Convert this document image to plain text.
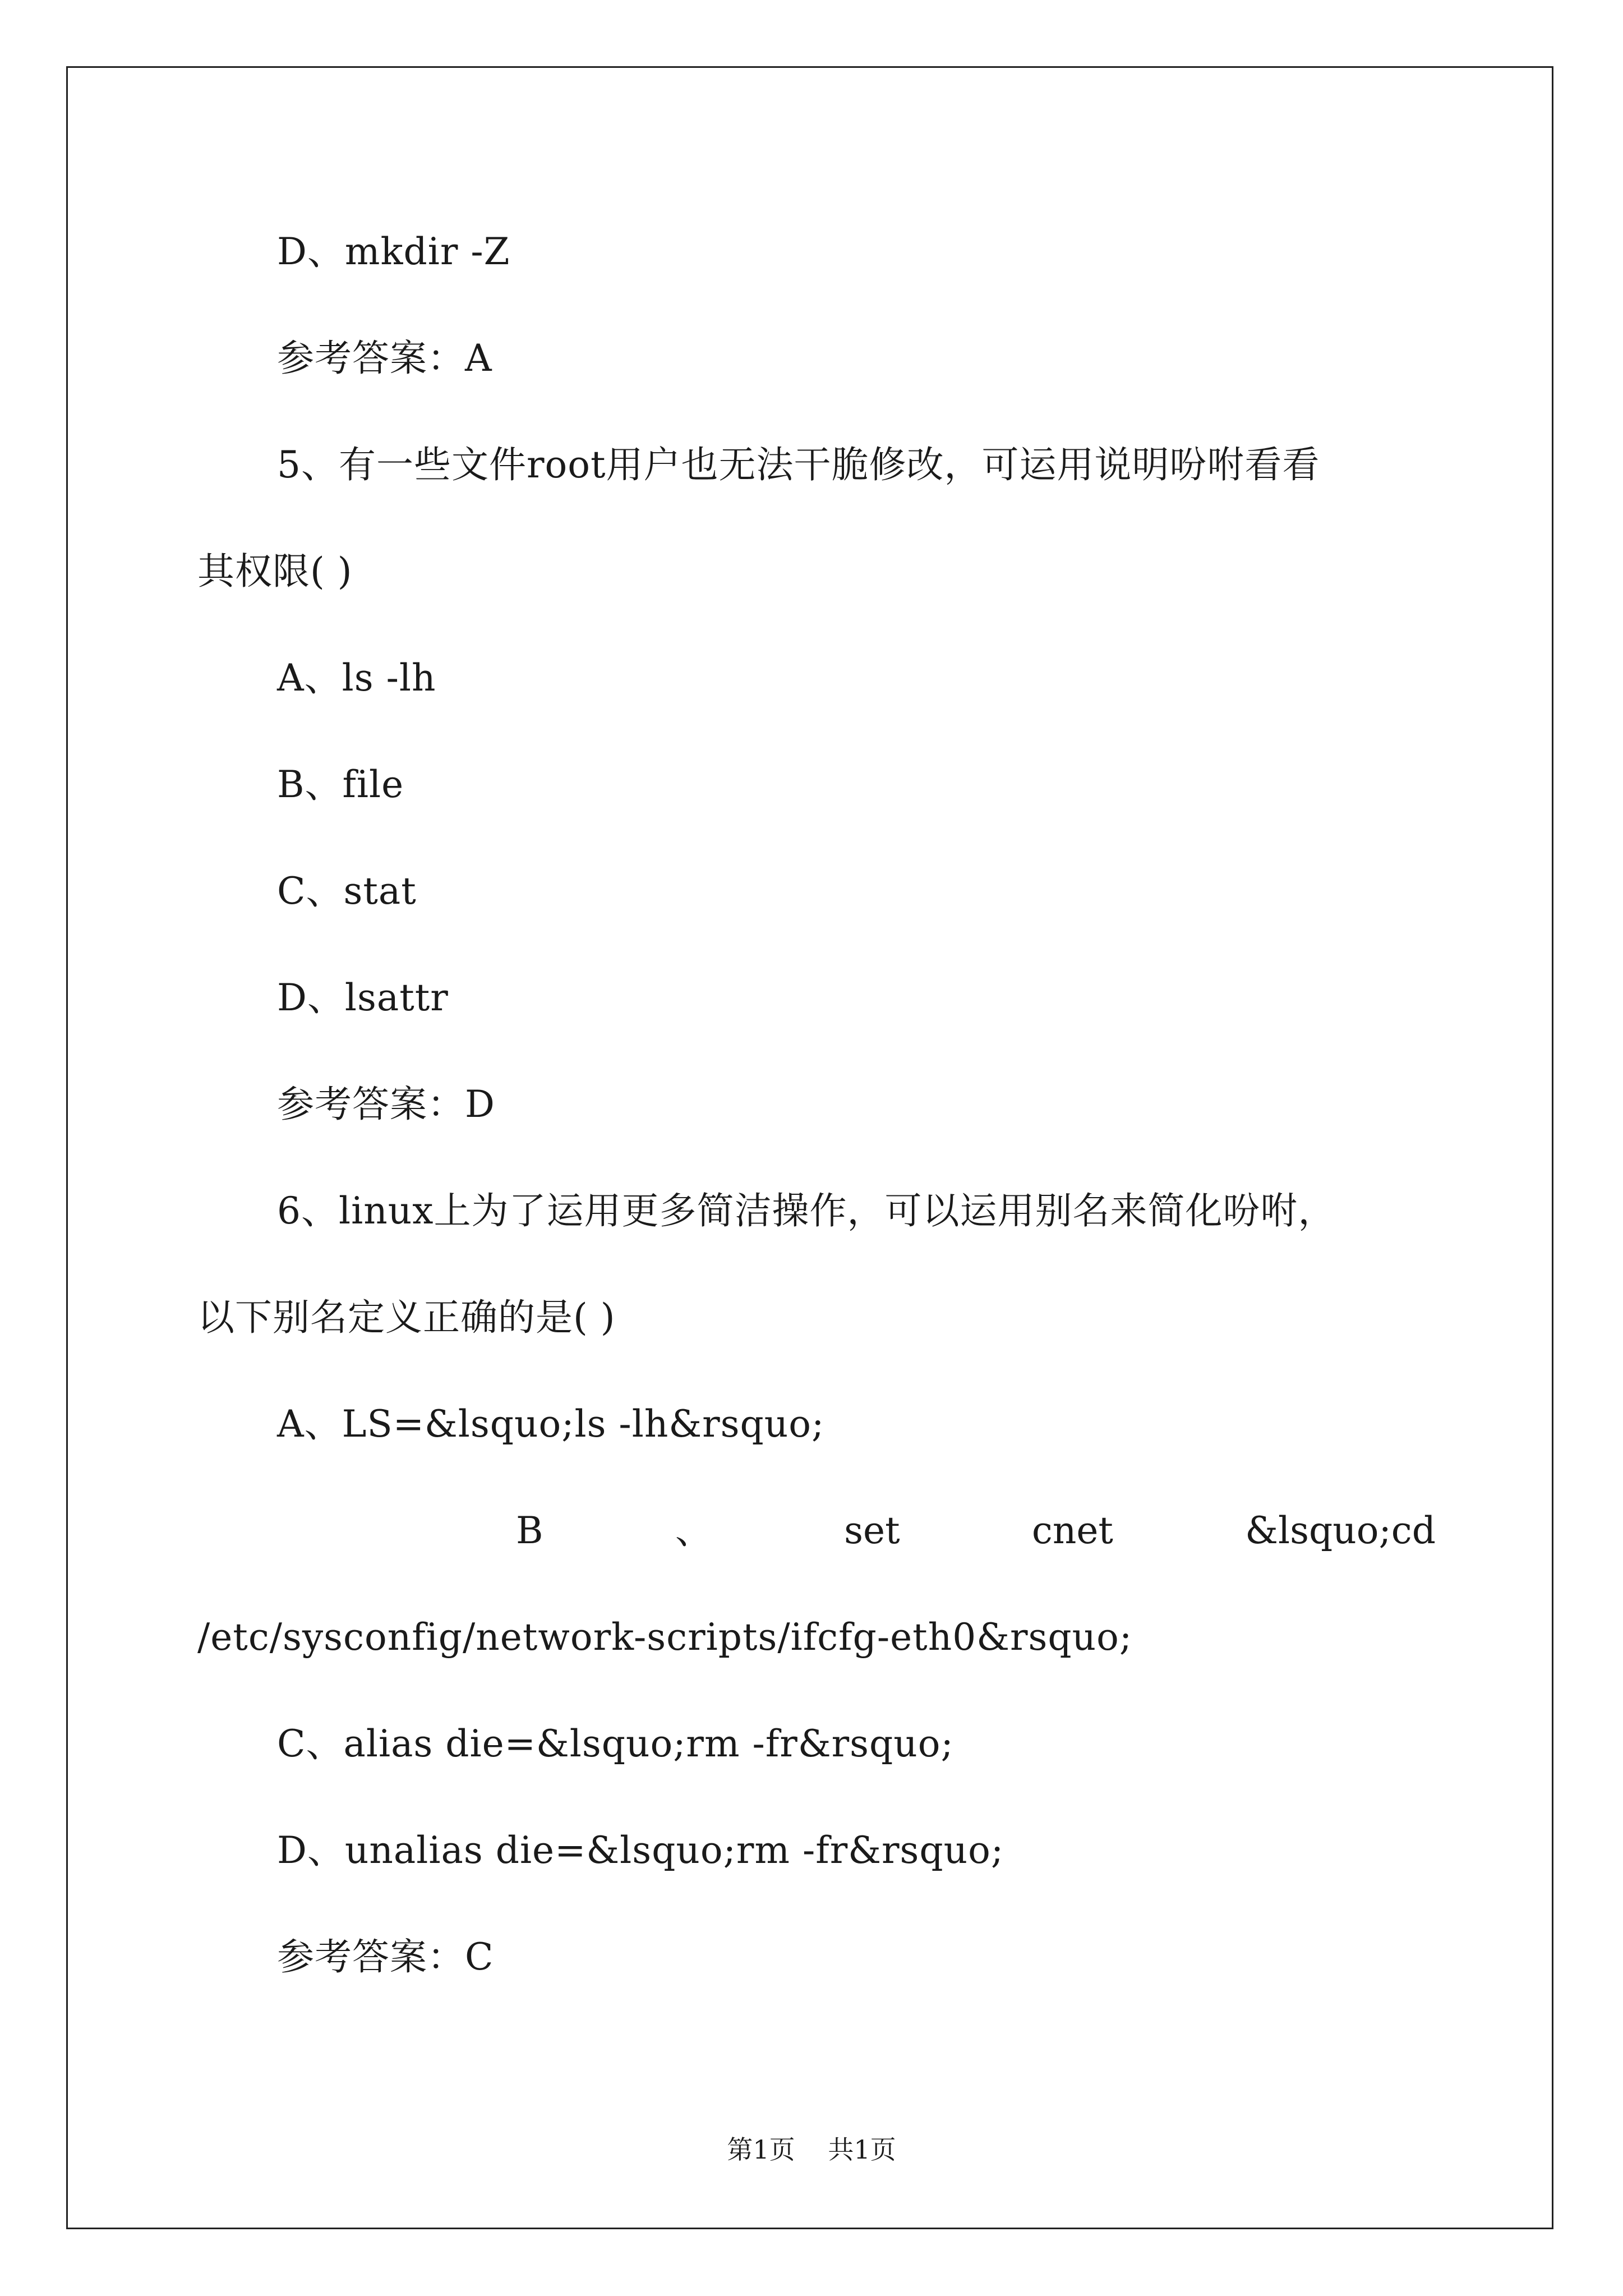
D、mkdir -Z
参考答案：A
5、有一些文件root用户也无法干脆修改，可运用说明吩咐看看
其权限( )
A、ls -lh
B、file
C、stat
D、lsattr
参考答案：D
6、linux上为了运用更多简洁操作，可以运用别名来简化吩咐，
以下别名定义正确的是( )
A、LS=&lsquo;ls -lh&rsquo;
B	、	set	cnet	&lsquo;cd
/etc/sysconfig/network-scripts/ifcfg-eth0&rsquo;
C、alias die=&lsquo;rm -fr&rsquo;
D、unalias die=&lsquo;rm -fr&rsquo;
参考答案：C
第1页 共1页
